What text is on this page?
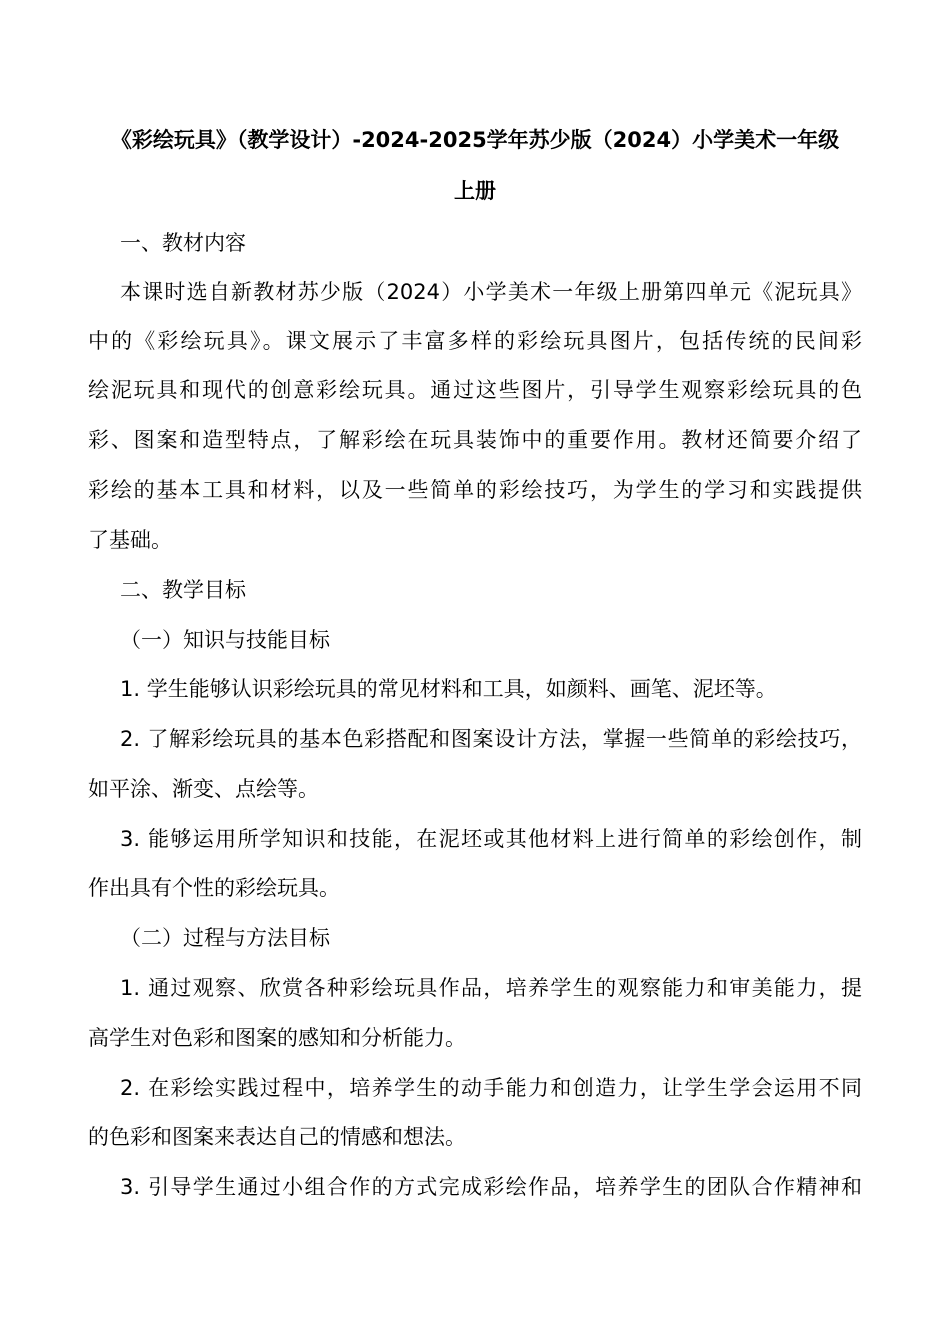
《彩绘玩具》（教学设计）-2024-2025学年苏少版（2024）小学美术一年级
上册
一、教材内容
本课时选自新教材苏少版（2024）小学美术一年级上册第四单元《泥玩具》
中的《彩绘玩具》。课文展示了丰富多样的彩绘玩具图片，包括传统的民间彩
绘泥玩具和现代的创意彩绘玩具。通过这些图片，引导学生观察彩绘玩具的色
彩、图案和造型特点，了解彩绘在玩具装饰中的重要作用。教材还简要介绍了
彩绘的基本工具和材料，以及一些简单的彩绘技巧，为学生的学习和实践提供
了基础。
二、教学目标
（一）知识与技能目标
1. 学生能够认识彩绘玩具的常见材料和工具，如颜料、画笔、泥坯等。
2. 了解彩绘玩具的基本色彩搭配和图案设计方法，掌握一些简单的彩绘技巧，
如平涂、渐变、点绘等。
3. 能够运用所学知识和技能，在泥坯或其他材料上进行简单的彩绘创作，制
作出具有个性的彩绘玩具。
（二）过程与方法目标
1. 通过观察、欣赏各种彩绘玩具作品，培养学生的观察能力和审美能力，提
高学生对色彩和图案的感知和分析能力。
2. 在彩绘实践过程中，培养学生的动手能力和创造力，让学生学会运用不同
的色彩和图案来表达自己的情感和想法。
3. 引导学生通过小组合作的方式完成彩绘作品，培养学生的团队合作精神和
